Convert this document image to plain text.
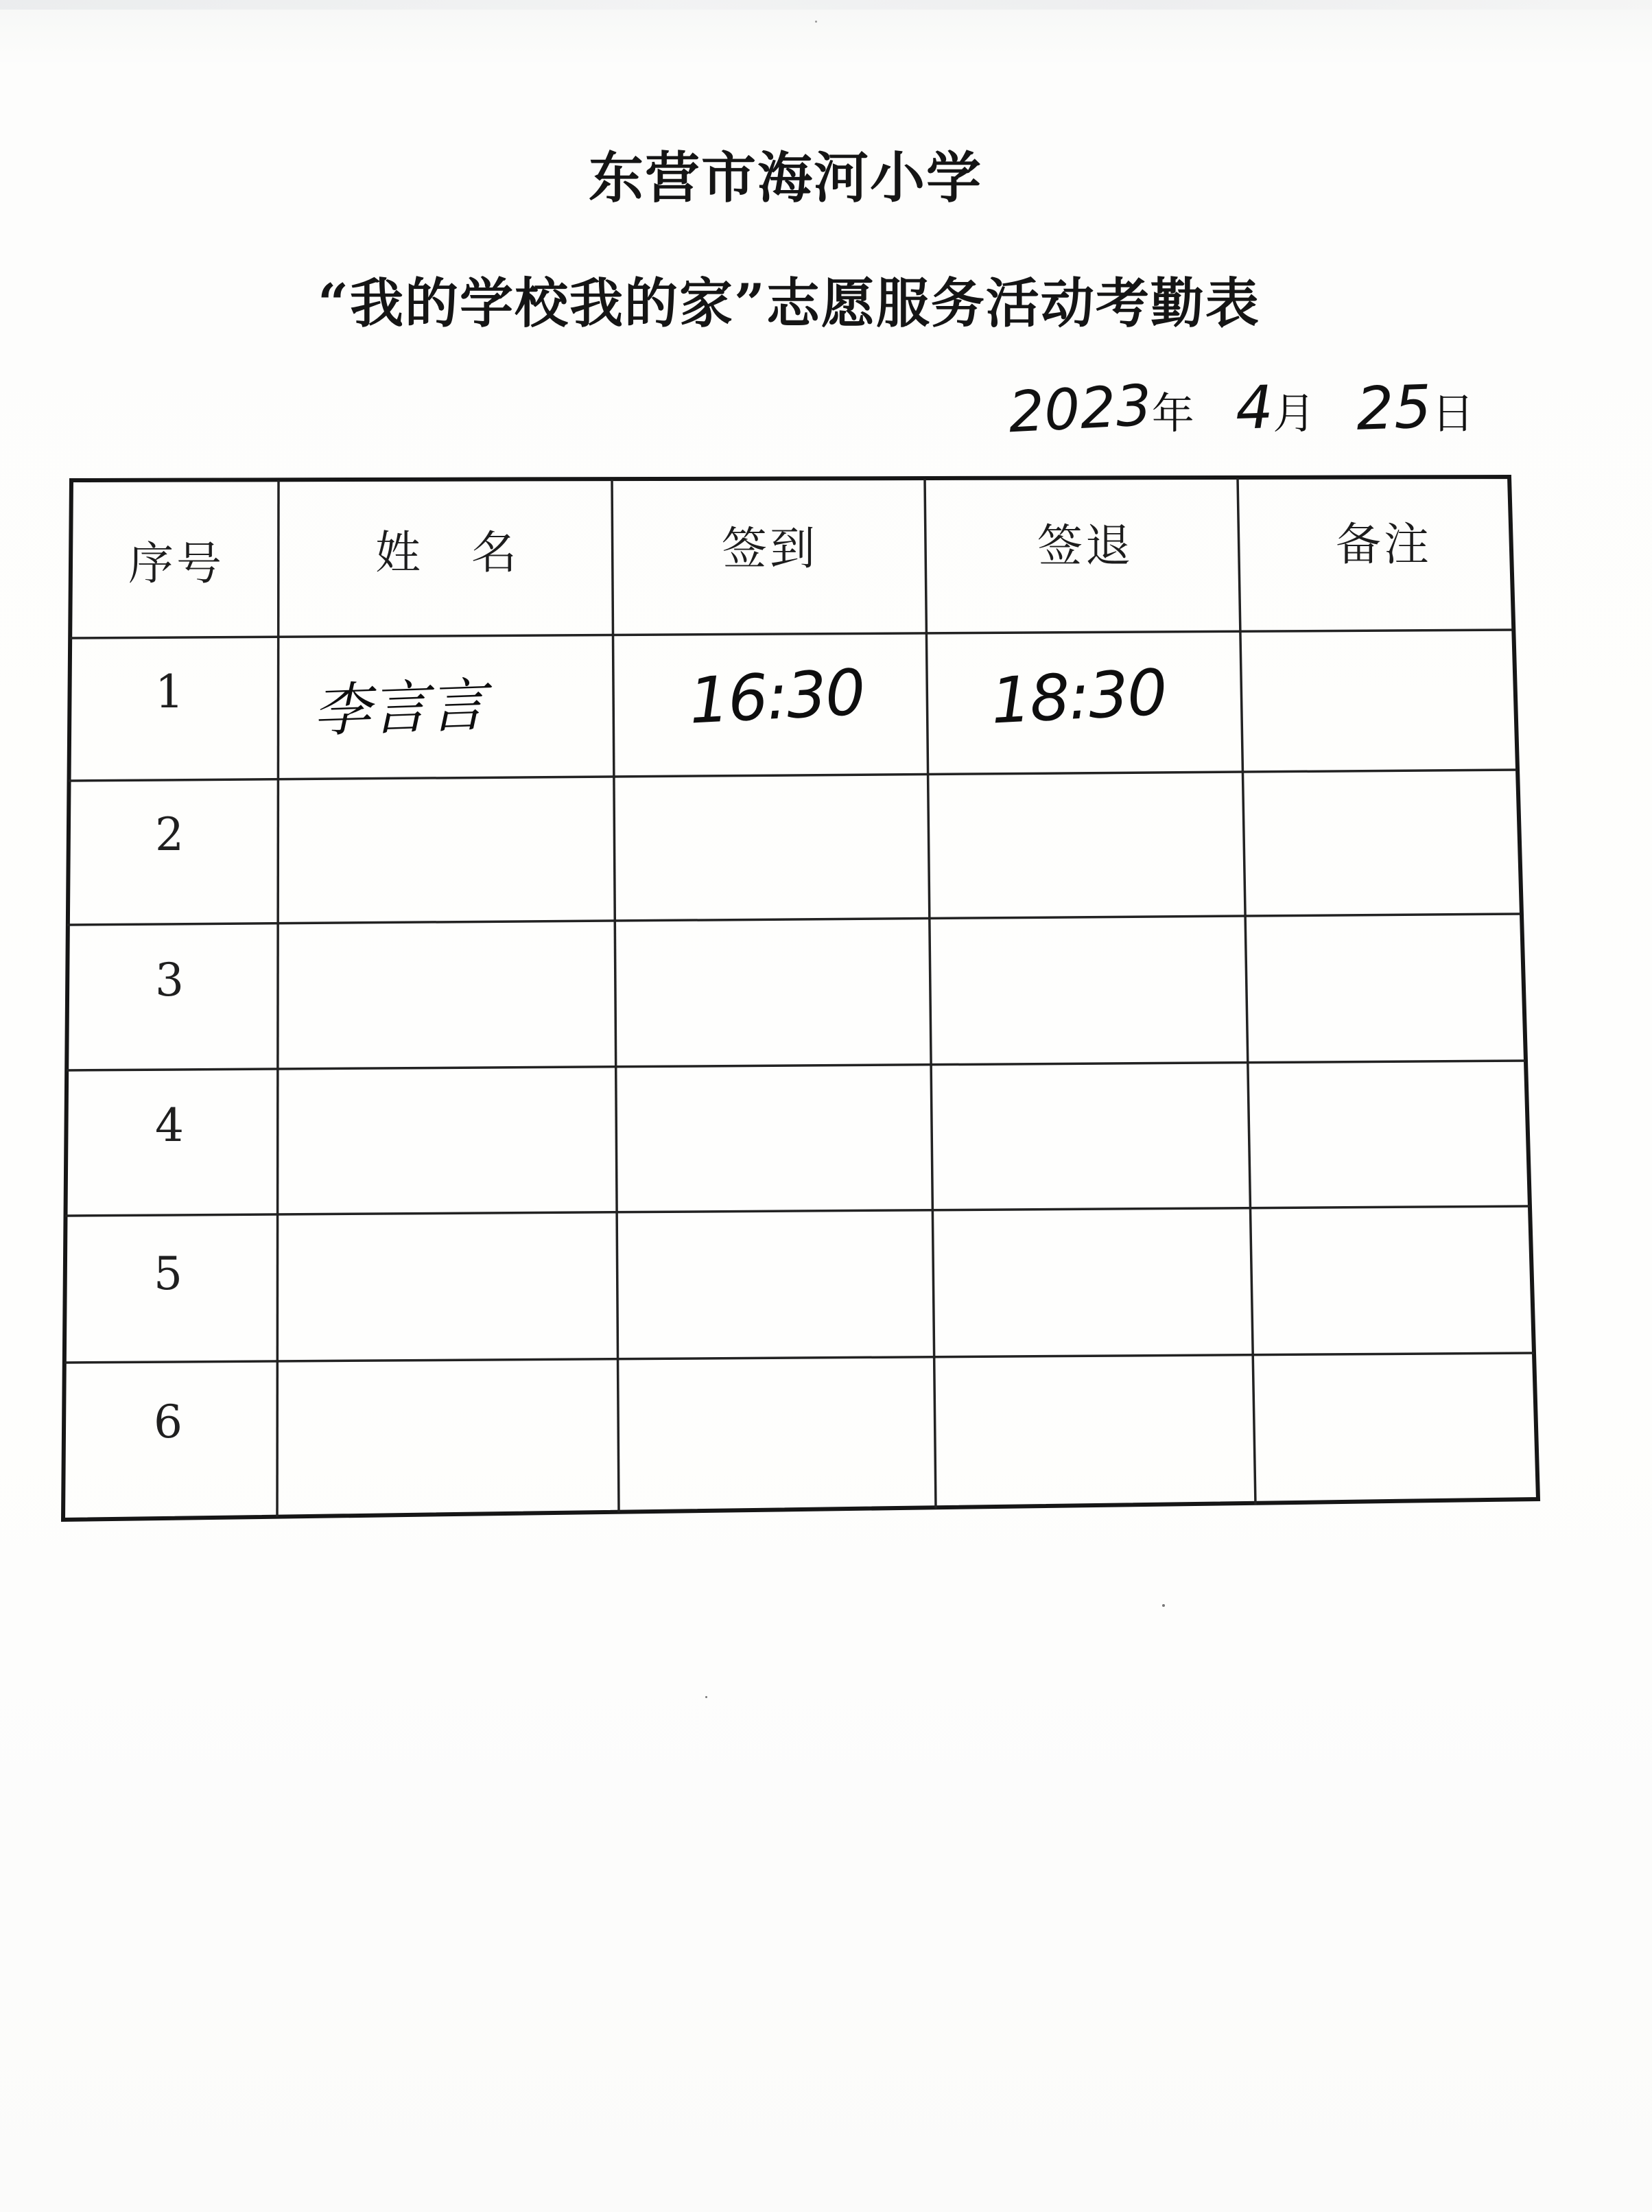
东营市海河小学
“我的学校我的家”志愿服务活动考勤表
2023年 4月 25日
序号	姓　名	签到	签退	备注
1	李言言	16:30	18:30
2
3
4
5
6
